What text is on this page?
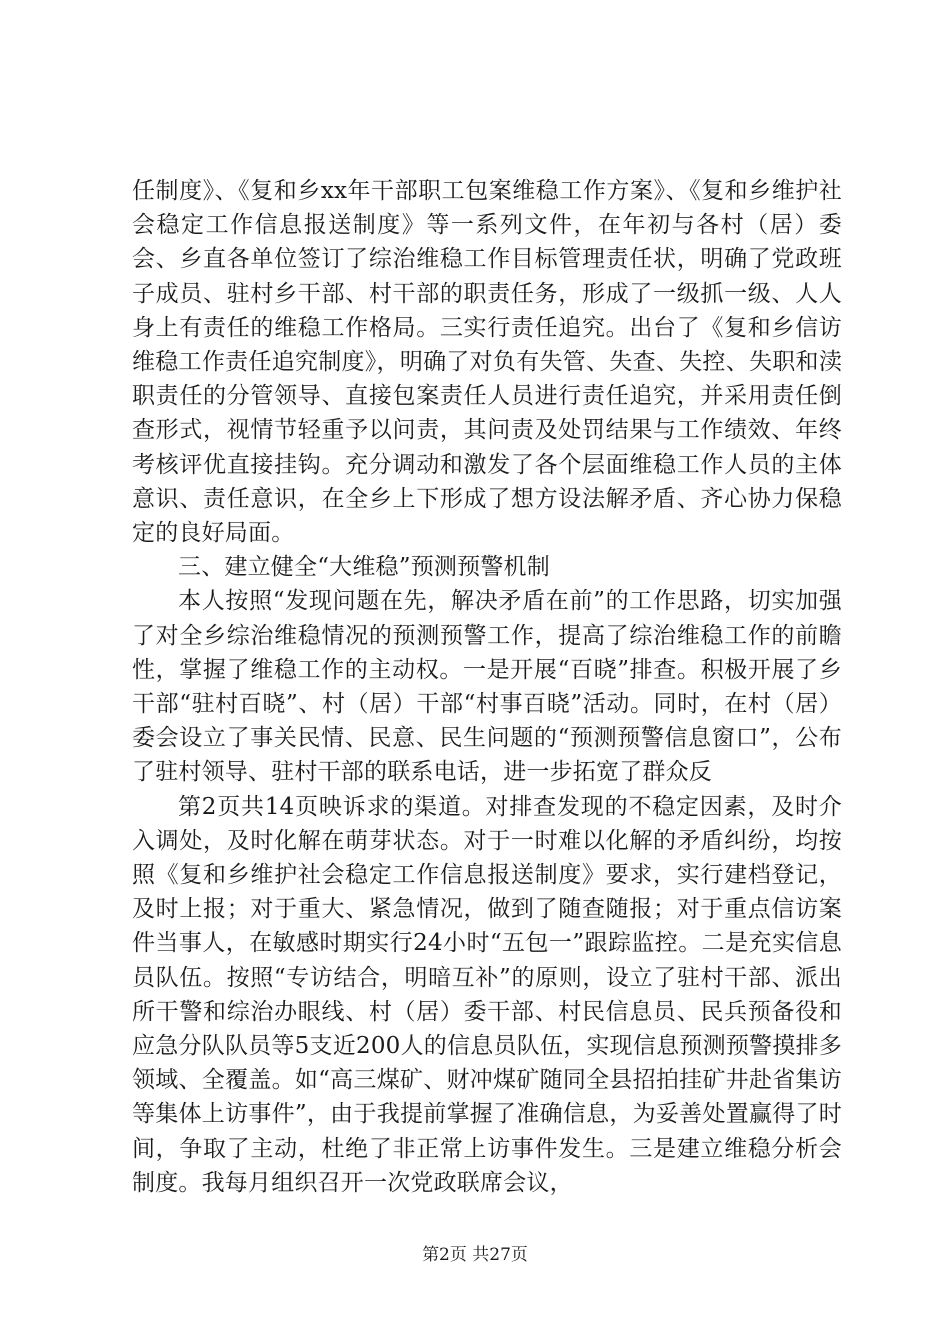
任制度》、《复和乡xx年干部职工包案维稳工作方案》、《复和乡维护社会稳定工作信息报送制度》等一系列文件，在年初与各村（居）委会、乡直各单位签订了综治维稳工作目标管理责任状，明确了党政班子成员、驻村乡干部、村干部的职责任务，形成了一级抓一级、人人身上有责任的维稳工作格局。三实行责任追究。出台了《复和乡信访维稳工作责任追究制度》，明确了对负有失管、失查、失控、失职和渎职责任的分管领导、直接包案责任人员进行责任追究，并采用责任倒查形式，视情节轻重予以问责，其问责及处罚结果与工作绩效、年终考核评优直接挂钩。充分调动和激发了各个层面维稳工作人员的主体意识、责任意识，在全乡上下形成了想方设法解矛盾、齐心协力保稳定的良好局面。

三、建立健全“大维稳”预测预警机制

本人按照“发现问题在先，解决矛盾在前”的工作思路，切实加强了对全乡综治维稳情况的预测预警工作，提高了综治维稳工作的前瞻性，掌握了维稳工作的主动权。一是开展“百晓”排查。积极开展了乡干部“驻村百晓”、村（居）干部“村事百晓”活动。同时，在村（居）委会设立了事关民情、民意、民生问题的“预测预警信息窗口”，公布了驻村领导、驻村干部的联系电话，进一步拓宽了群众反

第2页共14页映诉求的渠道。对排查发现的不稳定因素，及时介入调处，及时化解在萌芽状态。对于一时难以化解的矛盾纠纷，均按照《复和乡维护社会稳定工作信息报送制度》要求，实行建档登记，及时上报；对于重大、紧急情况，做到了随查随报；对于重点信访案件当事人，在敏感时期实行24小时“五包一”跟踪监控。二是充实信息员队伍。按照“专访结合，明暗互补”的原则，设立了驻村干部、派出所干警和综治办眼线、村（居）委干部、村民信息员、民兵预备役和应急分队队员等5支近200人的信息员队伍，实现信息预测预警摸排多领域、全覆盖。如“高三煤矿、财冲煤矿随同全县招拍挂矿井赴省集访等集体上访事件”，由于我提前掌握了准确信息，为妥善处置赢得了时间，争取了主动，杜绝了非正常上访事件发生。三是建立维稳分析会制度。我每月组织召开一次党政联席会议，

第2页 共27页
